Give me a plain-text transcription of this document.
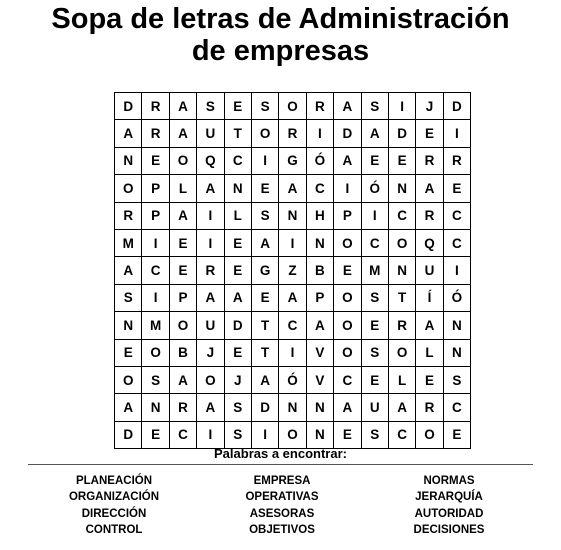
Sopa de letras de Administración
de empresas
D	R	A	S	E	S	O	R	A	S	I	J	D
A	R	A	U	T	O	R	I	D	A	D	E	I
N	E	O	Q	C	I	G	Ó	A	E	E	R	R
O	P	L	A	N	E	A	C	I	Ó	N	A	E
R	P	A	I	L	S	N	H	P	I	C	R	C
M	I	E	I	E	A	I	N	O	C	O	Q	C
A	C	E	R	E	G	Z	B	E	M	N	U	I
S	I	P	A	A	E	A	P	O	S	T	Í	Ó
N	M	O	U	D	T	C	A	O	E	R	A	N
E	O	B	J	E	T	I	V	O	S	O	L	N
O	S	A	O	J	A	Ó	V	C	E	L	E	S
A	N	R	A	S	D	N	N	A	U	A	R	C
D	E	C	I	S	I	O	N	E	S	C	O	E
Palabras a encontrar:
PLANEACIÓN
ORGANIZACIÓN
DIRECCIÓN
CONTROL
EMPRESA
OPERATIVAS
ASESORAS
OBJETIVOS
NORMAS
JERARQUÍA
AUTORIDAD
DECISIONES
